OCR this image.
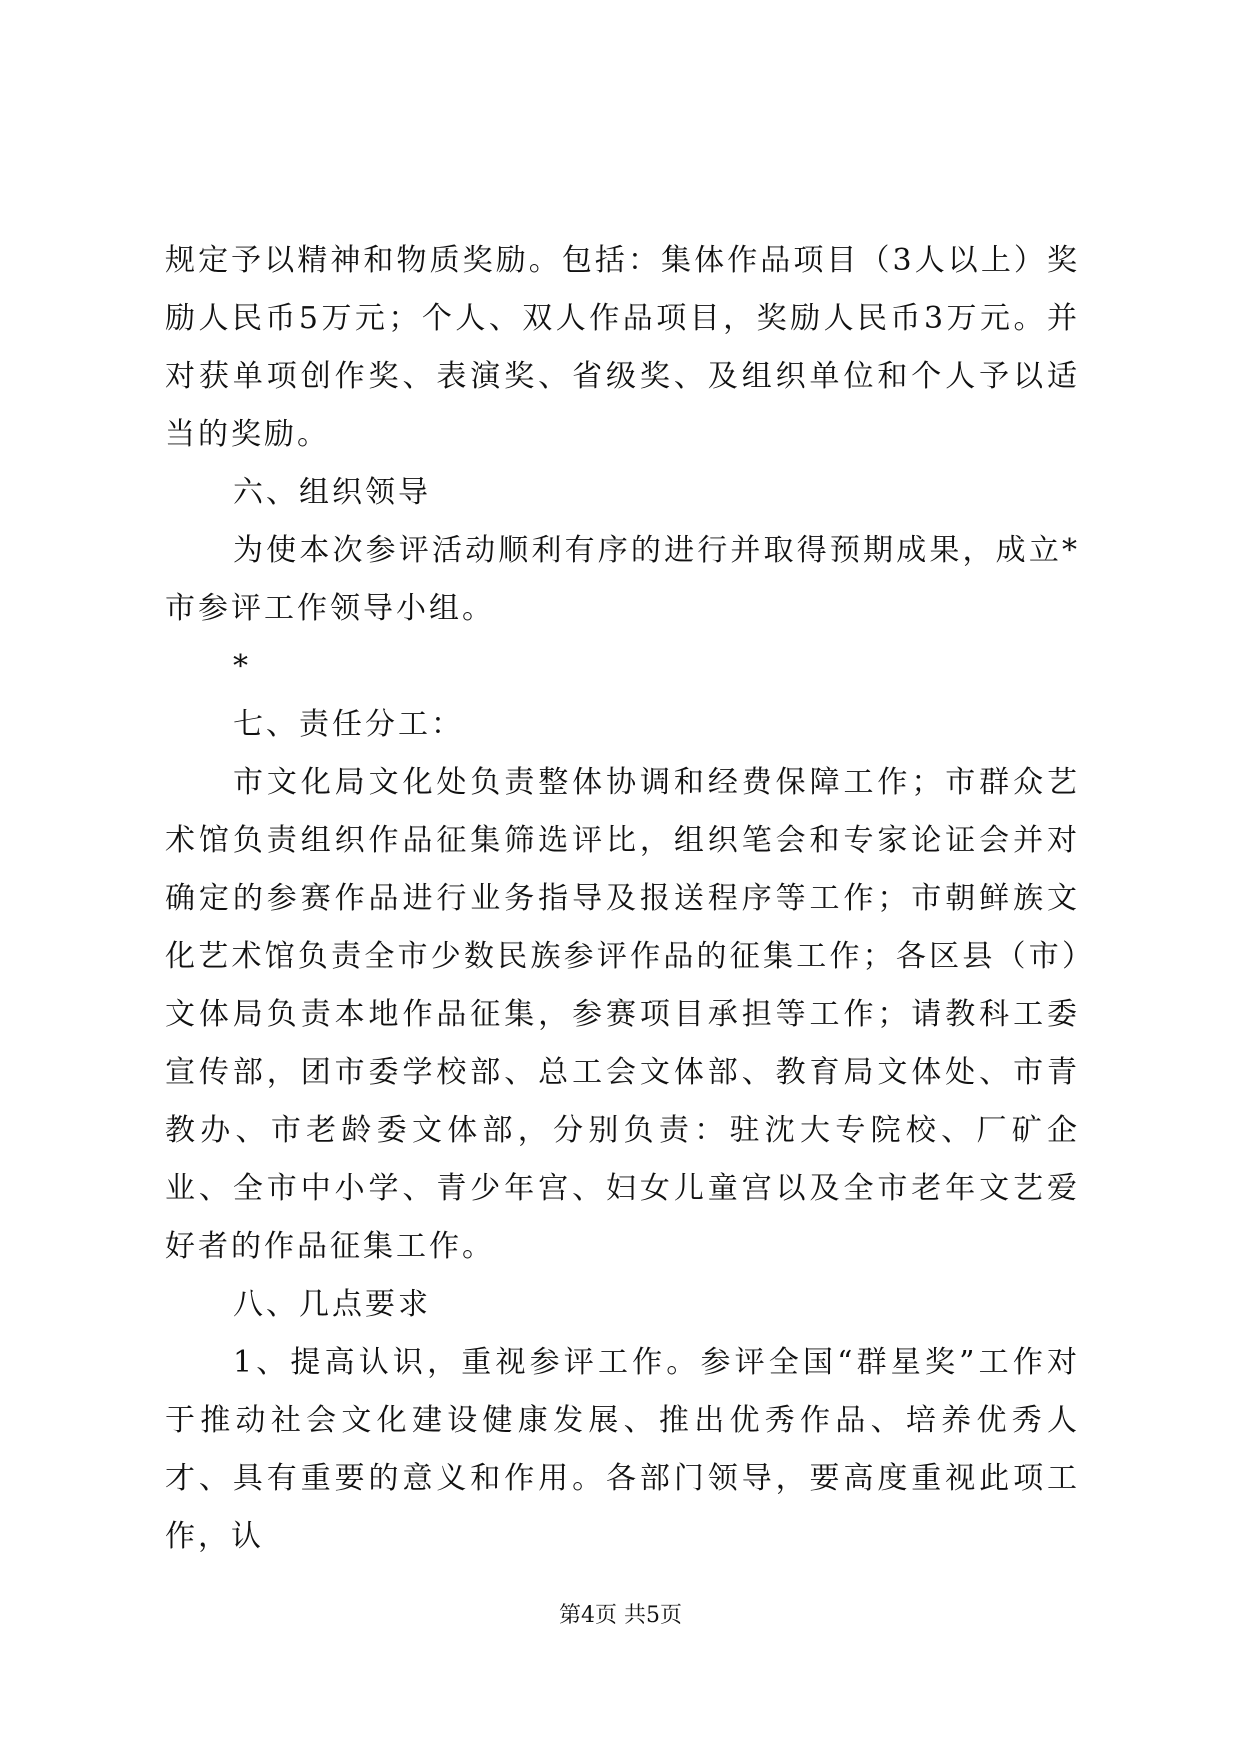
规定予以精神和物质奖励。包括：集体作品项目（3人以上）奖励人民币5万元；个人、双人作品项目，奖励人民币3万元。并对获单项创作奖、表演奖、省级奖、及组织单位和个人予以适当的奖励。

六、组织领导

为使本次参评活动顺利有序的进行并取得预期成果，成立*市参评工作领导小组。

*

七、责任分工：

市文化局文化处负责整体协调和经费保障工作；市群众艺术馆负责组织作品征集筛选评比，组织笔会和专家论证会并对确定的参赛作品进行业务指导及报送程序等工作；市朝鲜族文化艺术馆负责全市少数民族参评作品的征集工作；各区县（市）文体局负责本地作品征集，参赛项目承担等工作；请教科工委宣传部，团市委学校部、总工会文体部、教育局文体处、市青教办、市老龄委文体部，分别负责：驻沈大专院校、厂矿企业、全市中小学、青少年宫、妇女儿童宫以及全市老年文艺爱好者的作品征集工作。

八、几点要求

1、提高认识，重视参评工作。参评全国“群星奖”工作对于推动社会文化建设健康发展、推出优秀作品、培养优秀人才、具有重要的意义和作用。各部门领导，要高度重视此项工作，认

第4页 共5页
